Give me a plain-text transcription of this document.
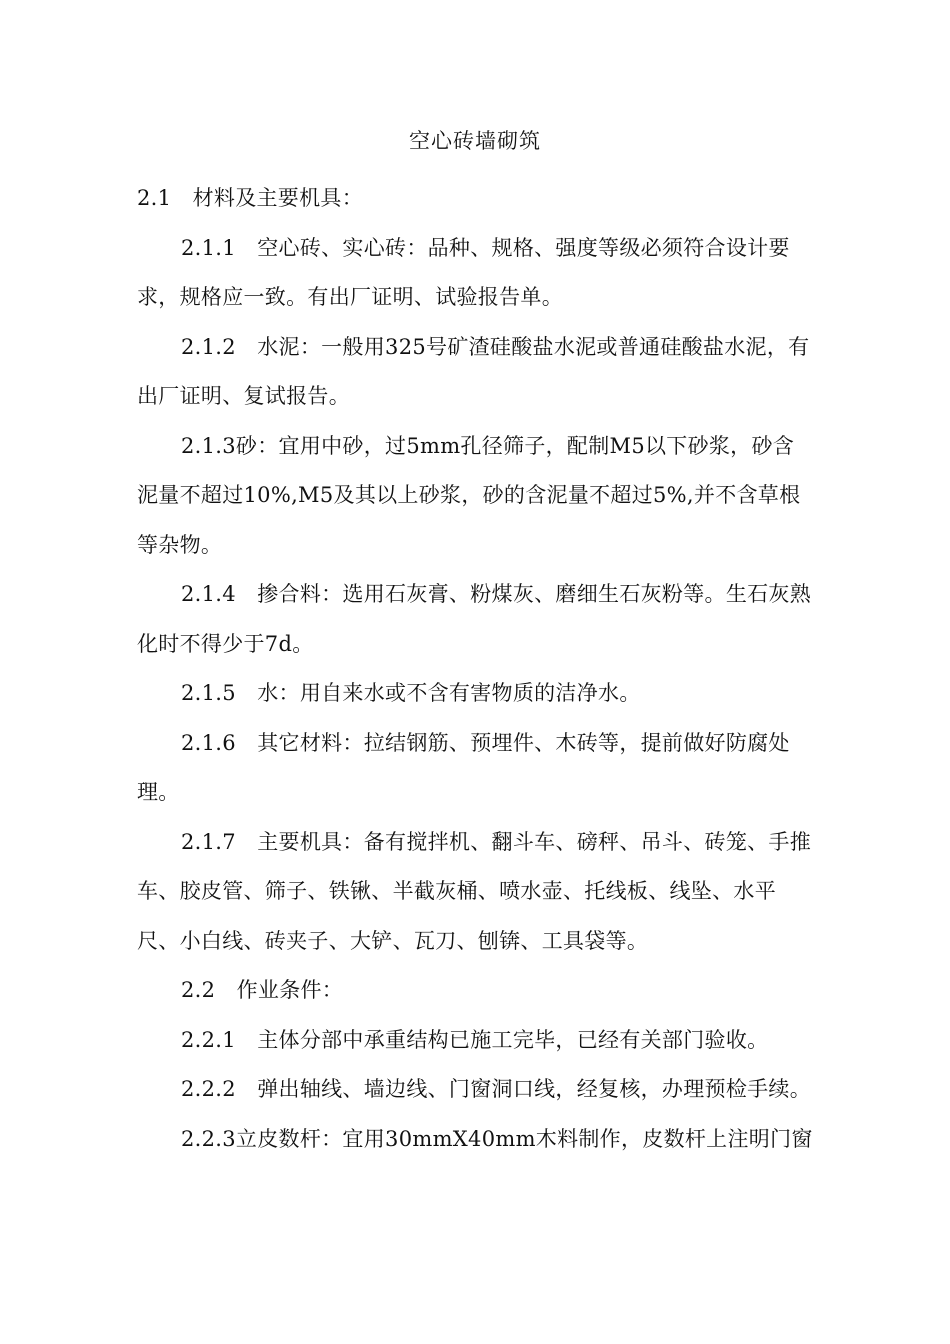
空心砖墙砌筑

2.1　材料及主要机具：

2.1.1　空心砖、实心砖：品种、规格、强度等级必须符合设计要求，规格应一致。有出厂证明、试验报告单。

2.1.2　水泥：一般用325号矿渣硅酸盐水泥或普通硅酸盐水泥，有出厂证明、复试报告。

2.1.3砂：宜用中砂，过5mm孔径筛子，配制M5以下砂浆，砂含泥量不超过10%,M5及其以上砂浆，砂的含泥量不超过5%,并不含草根等杂物。

2.1.4　掺合料：选用石灰膏、粉煤灰、磨细生石灰粉等。生石灰熟化时不得少于7d。

2.1.5　水：用自来水或不含有害物质的洁净水。

2.1.6　其它材料：拉结钢筋、预埋件、木砖等，提前做好防腐处理。

2.1.7　主要机具：备有搅拌机、翻斗车、磅秤、吊斗、砖笼、手推车、胶皮管、筛子、铁锹、半截灰桶、喷水壶、托线板、线坠、水平尺、小白线、砖夹子、大铲、瓦刀、刨锛、工具袋等。

2.2　作业条件：

2.2.1　主体分部中承重结构已施工完毕，已经有关部门验收。

2.2.2　弹出轴线、墙边线、门窗洞口线，经复核，办理预检手续。

2.2.3立皮数杆：宜用30mmX40mm木料制作，皮数杆上注明门窗
